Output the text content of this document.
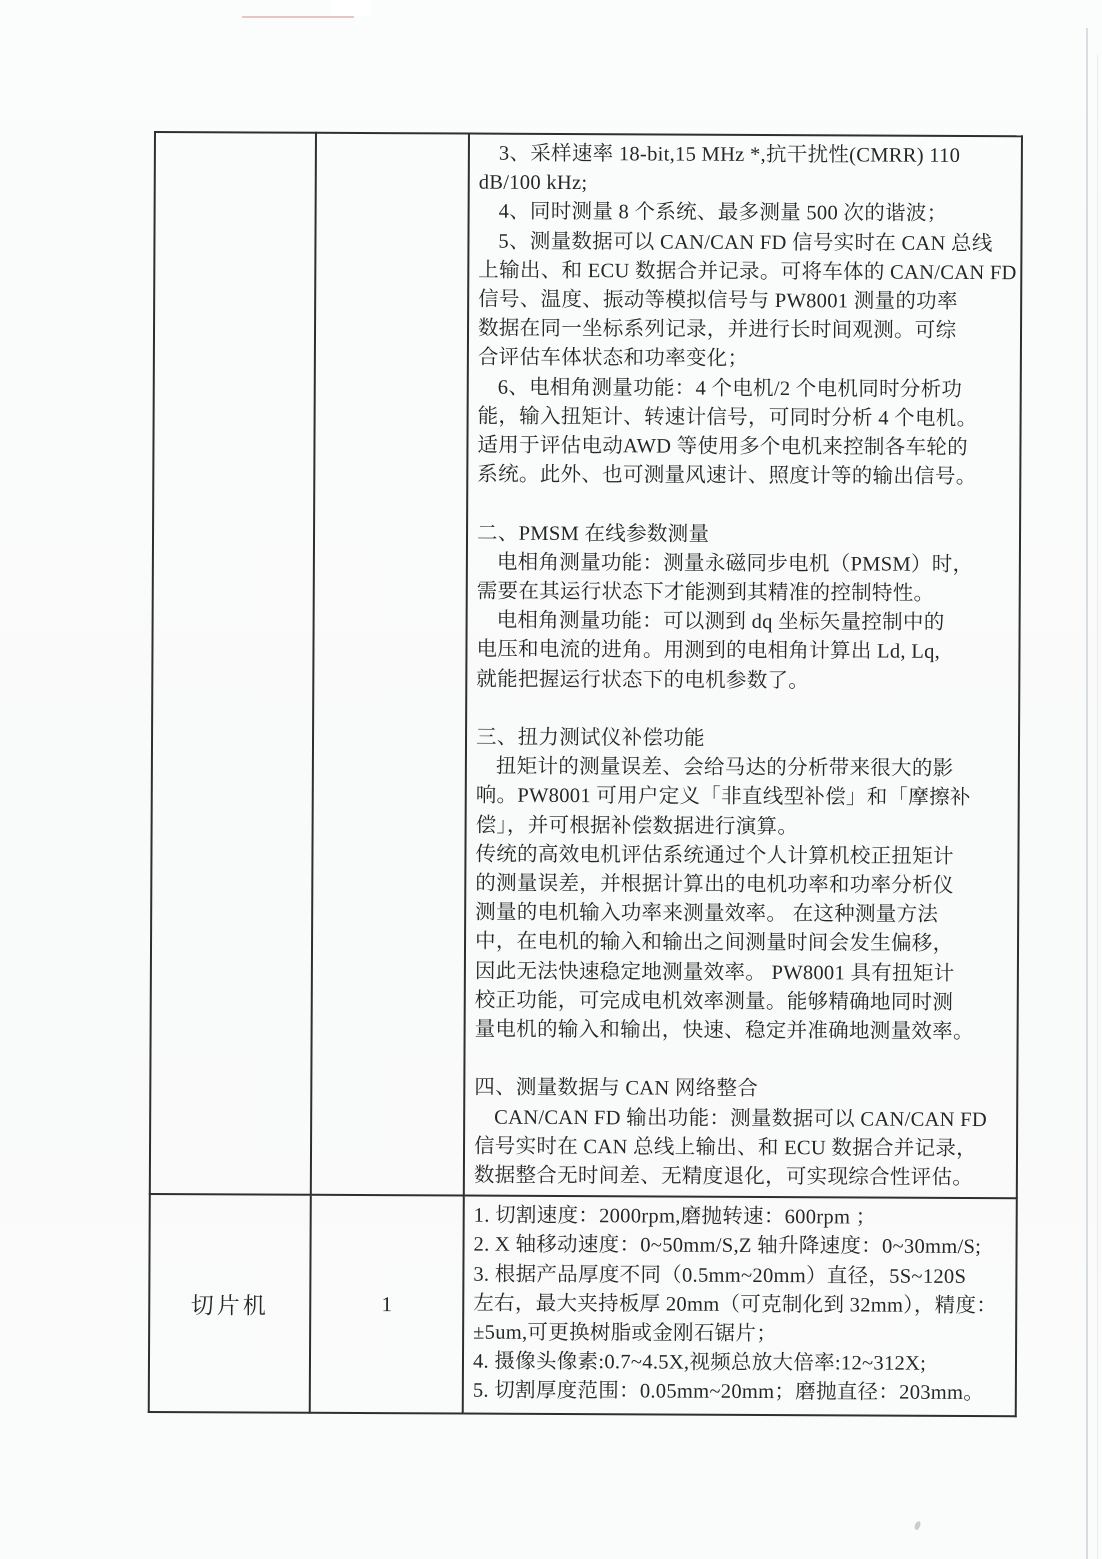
3、采样速率 18-bit,15 MHz *,抗干扰性(CMRR) 110
dB/100 kHz;
4、同时测量 8 个系统、最多测量 500 次的谐波；
5、测量数据可以 CAN/CAN FD 信号实时在 CAN 总线
上输出、和 ECU 数据合并记录。可将车体的 CAN/CAN FD
信号、温度、振动等模拟信号与 PW8001 测量的功率
数据在同一坐标系列记录，并进行长时间观测。可综
合评估车体状态和功率变化；
6、电相角测量功能：4 个电机/2 个电机同时分析功
能，输入扭矩计、转速计信号，可同时分析 4 个电机。
适用于评估电动AWD 等使用多个电机来控制各车轮的
系统。此外、也可测量风速计、照度计等的输出信号。
二、PMSM 在线参数测量
电相角测量功能：测量永磁同步电机（PMSM）时，
需要在其运行状态下才能测到其精准的控制特性。
电相角测量功能：可以测到 dq 坐标矢量控制中的
电压和电流的进角。用测到的电相角计算出 Ld, Lq,
就能把握运行状态下的电机参数了。
三、扭力测试仪补偿功能
扭矩计的测量误差、会给马达的分析带来很大的影
响。PW8001 可用户定义「非直线型补偿」和「摩擦补
偿」，并可根据补偿数据进行演算。
传统的高效电机评估系统通过个人计算机校正扭矩计
的测量误差，并根据计算出的电机功率和功率分析仪
测量的电机输入功率来测量效率。 在这种测量方法
中，在电机的输入和输出之间测量时间会发生偏移，
因此无法快速稳定地测量效率。 PW8001 具有扭矩计
校正功能，可完成电机效率测量。能够精确地同时测
量电机的输入和输出，快速、稳定并准确地测量效率。
四、测量数据与 CAN 网络整合
CAN/CAN FD 输出功能：测量数据可以 CAN/CAN FD
信号实时在 CAN 总线上输出、和 ECU 数据合并记录，
数据整合无时间差、无精度退化，可实现综合性评估。

切片机	1	
1. 切割速度：2000rpm,磨抛转速：600rpm ；
2. X 轴移动速度：0~50mm/S,Z 轴升降速度：0~30mm/S;
3. 根据产品厚度不同（0.5mm~20mm）直径，5S~120S
左右，最大夹持板厚 20mm（可克制化到 32mm），精度：
±5um,可更换树脂或金刚石锯片；
4. 摄像头像素:0.7~4.5X,视频总放大倍率:12~312X;
5. 切割厚度范围：0.05mm~20mm；磨抛直径：203mm。
